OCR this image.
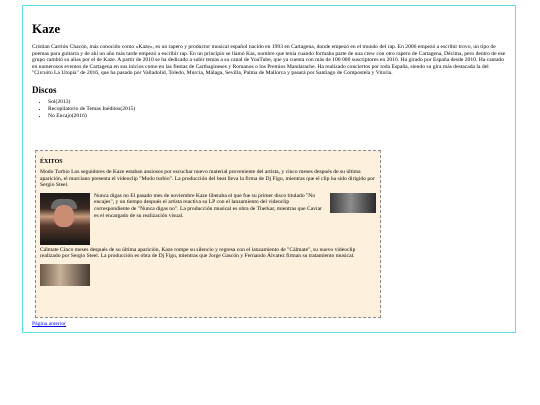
Kaze

Cristian Carrión Chacón, más conocido como «Kaze», es un rapero y productor musical español nacido en 1993 en Cartagena, donde empezó en el mundo del rap. En 2006 empezó a escribir trovo, un tipo de poemas para guitarra y de ahí un año más tarde empezó a escribir rap. En un principio se llamó Kas, nombre que tenía cuando formaba parte de una crew con otro rapero de Cartagena, Décima, pero dentro de ese grupo cambió su alias por el de Kaze. A partir de 2010 se ha dedicado a subir temas a su canal de YouTube, que ya cuenta con más de 100 000 suscriptores en 2016. Ha girado por España desde 2010. Ha cantado en numerosos eventos de Cartagena en sus inicios como en las fiestas de Carthagineses y Romanos o los Premios Mandarache. Ha realizado conciertos por toda España, siendo su gira más destacada la del "Circuito La Utopía" de 2016, que ha pasado por Valladolid, Toledo, Murcia, Málaga, Sevilla, Palma de Mallorca y pasará por Santiago de Compostela y Vitoria.

Discos
• Sol(2013)
• Recopilatorio de Temas Inéditos(2015)
• No Encajo(2016)
ÉXITOS

Modo Turbio Los seguidores de Kaze estaban ansiosos por escuchar nuevo material proveniente del artista, y cinco meses después de su última aparición, el murciano presenta el videoclip "Modo turbio". La producción del beat lleva la firma de Dj Figu, mientras que el clip ha sido dirigido por Sergio Steel.

Nunca digas no El pasado mes de noviembre Kaze liberaba el que fue su primer disco titulado "No encajes", y un tiempo después el artista reactiva su LP con el lanzamiento del videoclip correspondiente de "Nunca digas no". La producción musical es obra de Therkar, mientras que Caviar es el encargado de su realización visual.

Cálmate Cinco meses después de su última aparición, Kaze rompe su silencio y regresa con el lanzamiento de "Cálmate", su nuevo videoclip realizado por Sergio Steel. La producción es obra de Dj Figu, mientras que Jorge Gascón y Fernando Álvarez firman su tratamiento musical.

Página anterior
